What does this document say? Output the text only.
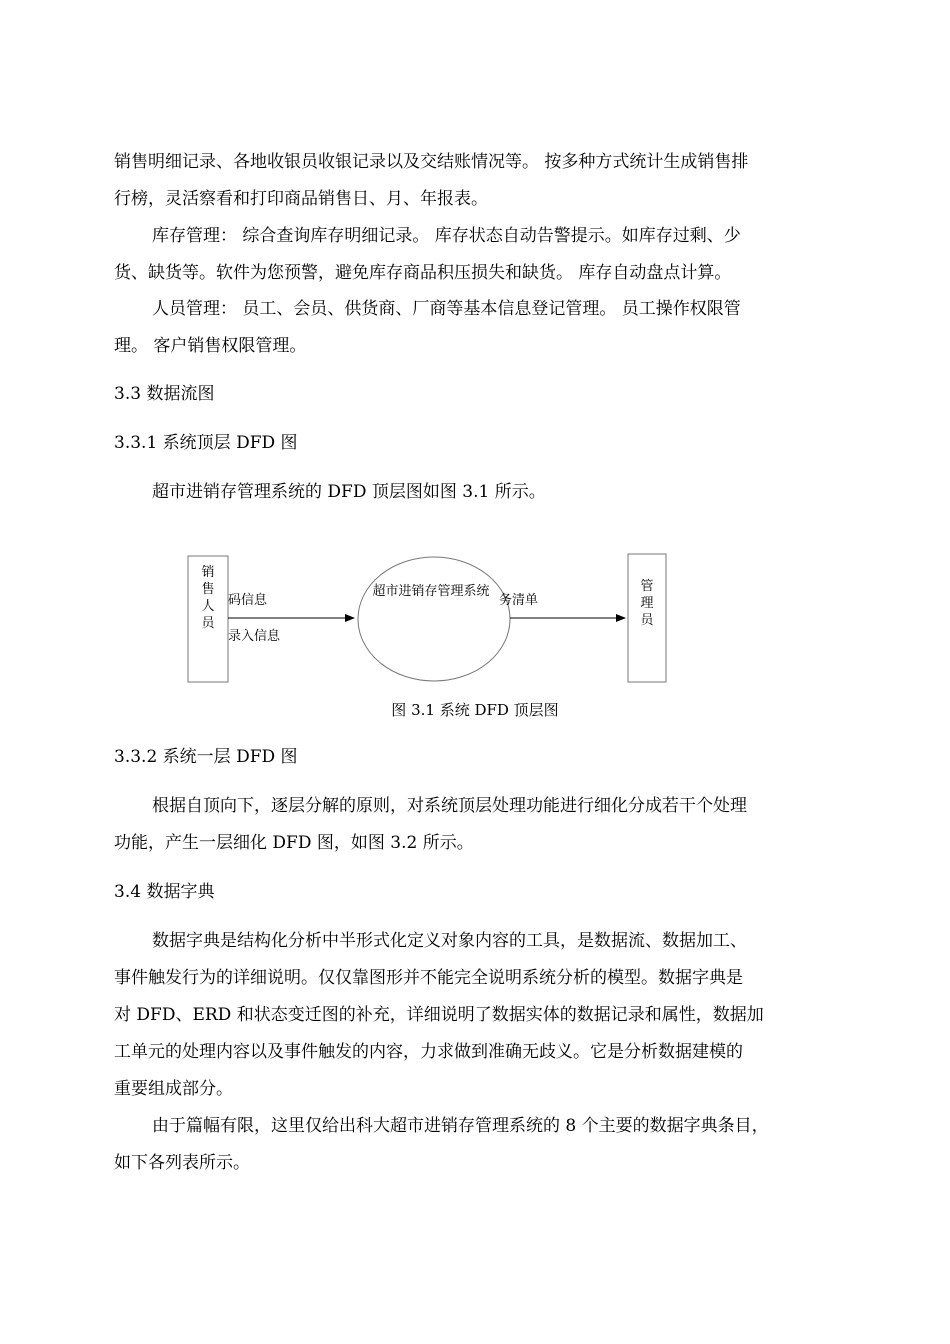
销售明细记录、各地收银员收银记录以及交结账情况等。 按多种方式统计生成销售排
行榜，灵活察看和打印商品销售日、月、年报表。
库存管理： 综合查询库存明细记录。 库存状态自动告警提示。如库存过剩、少
货、缺货等。软件为您预警，避免库存商品积压损失和缺货。 库存自动盘点计算。
人员管理： 员工、会员、供货商、厂商等基本信息登记管理。 员工操作权限管
理。 客户销售权限管理。
3.3 数据流图
3.3.1 系统顶层 DFD 图
超市进销存管理系统的 DFD 顶层图如图 3.1 所示。
销
售
人
员
码信息
录入信息
超市进销存管理系统
务清单
管
理
员
图 3.1 系统 DFD 顶层图
3.3.2 系统一层 DFD 图
根据自顶向下，逐层分解的原则，对系统顶层处理功能进行细化分成若干个处理
功能，产生一层细化 DFD 图，如图 3.2 所示。
3.4 数据字典
数据字典是结构化分析中半形式化定义对象内容的工具，是数据流、数据加工、
事件触发行为的详细说明。仅仅靠图形并不能完全说明系统分析的模型。数据字典是
对 DFD、ERD 和状态变迁图的补充，详细说明了数据实体的数据记录和属性，数据加
工单元的处理内容以及事件触发的内容，力求做到准确无歧义。它是分析数据建模的
重要组成部分。
由于篇幅有限，这里仅给出科大超市进销存管理系统的 8 个主要的数据字典条目，
如下各列表所示。
